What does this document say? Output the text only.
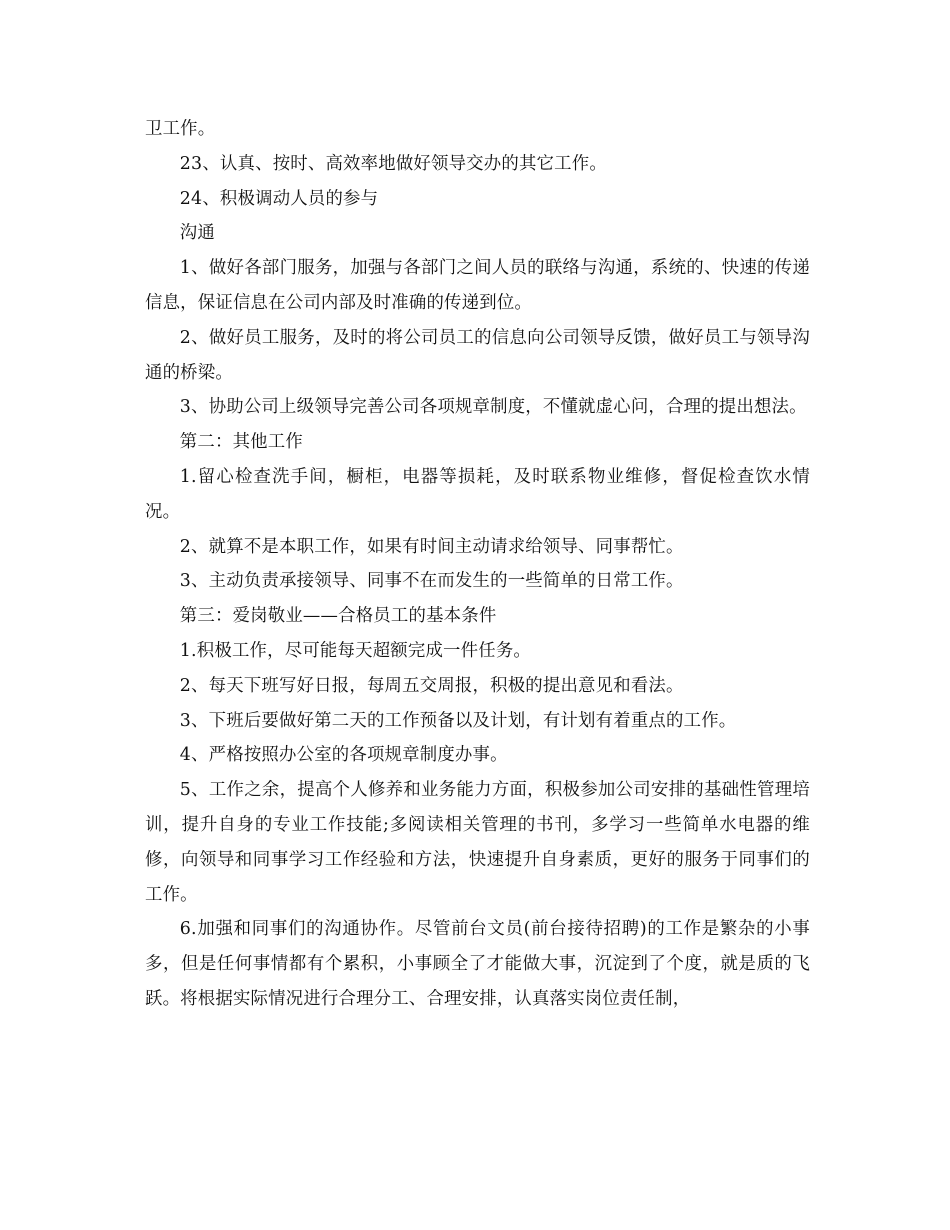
卫工作。

23、认真、按时、高效率地做好领导交办的其它工作。

24、积极调动人员的参与

沟通

1、做好各部门服务，加强与各部门之间人员的联络与沟通，系统的、快速的传递信息，保证信息在公司内部及时准确的传递到位。

2、做好员工服务，及时的将公司员工的信息向公司领导反馈，做好员工与领导沟通的桥梁。

3、协助公司上级领导完善公司各项规章制度，不懂就虚心问，合理的提出想法。

第二：其他工作

1.留心检查洗手间，橱柜，电器等损耗，及时联系物业维修，督促检查饮水情况。

2、就算不是本职工作，如果有时间主动请求给领导、同事帮忙。

3、主动负责承接领导、同事不在而发生的一些简单的日常工作。

第三：爱岗敬业——合格员工的基本条件

1.积极工作，尽可能每天超额完成一件任务。

2、每天下班写好日报，每周五交周报，积极的提出意见和看法。

3、下班后要做好第二天的工作预备以及计划，有计划有着重点的工作。

4、严格按照办公室的各项规章制度办事。

5、工作之余，提高个人修养和业务能力方面，积极参加公司安排的基础性管理培训，提升自身的专业工作技能;多阅读相关管理的书刊，多学习一些简单水电器的维修，向领导和同事学习工作经验和方法，快速提升自身素质，更好的服务于同事们的工作。

6.加强和同事们的沟通协作。尽管前台文员(前台接待招聘)的工作是繁杂的小事多，但是任何事情都有个累积，小事顾全了才能做大事，沉淀到了个度，就是质的飞跃。将根据实际情况进行合理分工、合理安排，认真落实岗位责任制，
